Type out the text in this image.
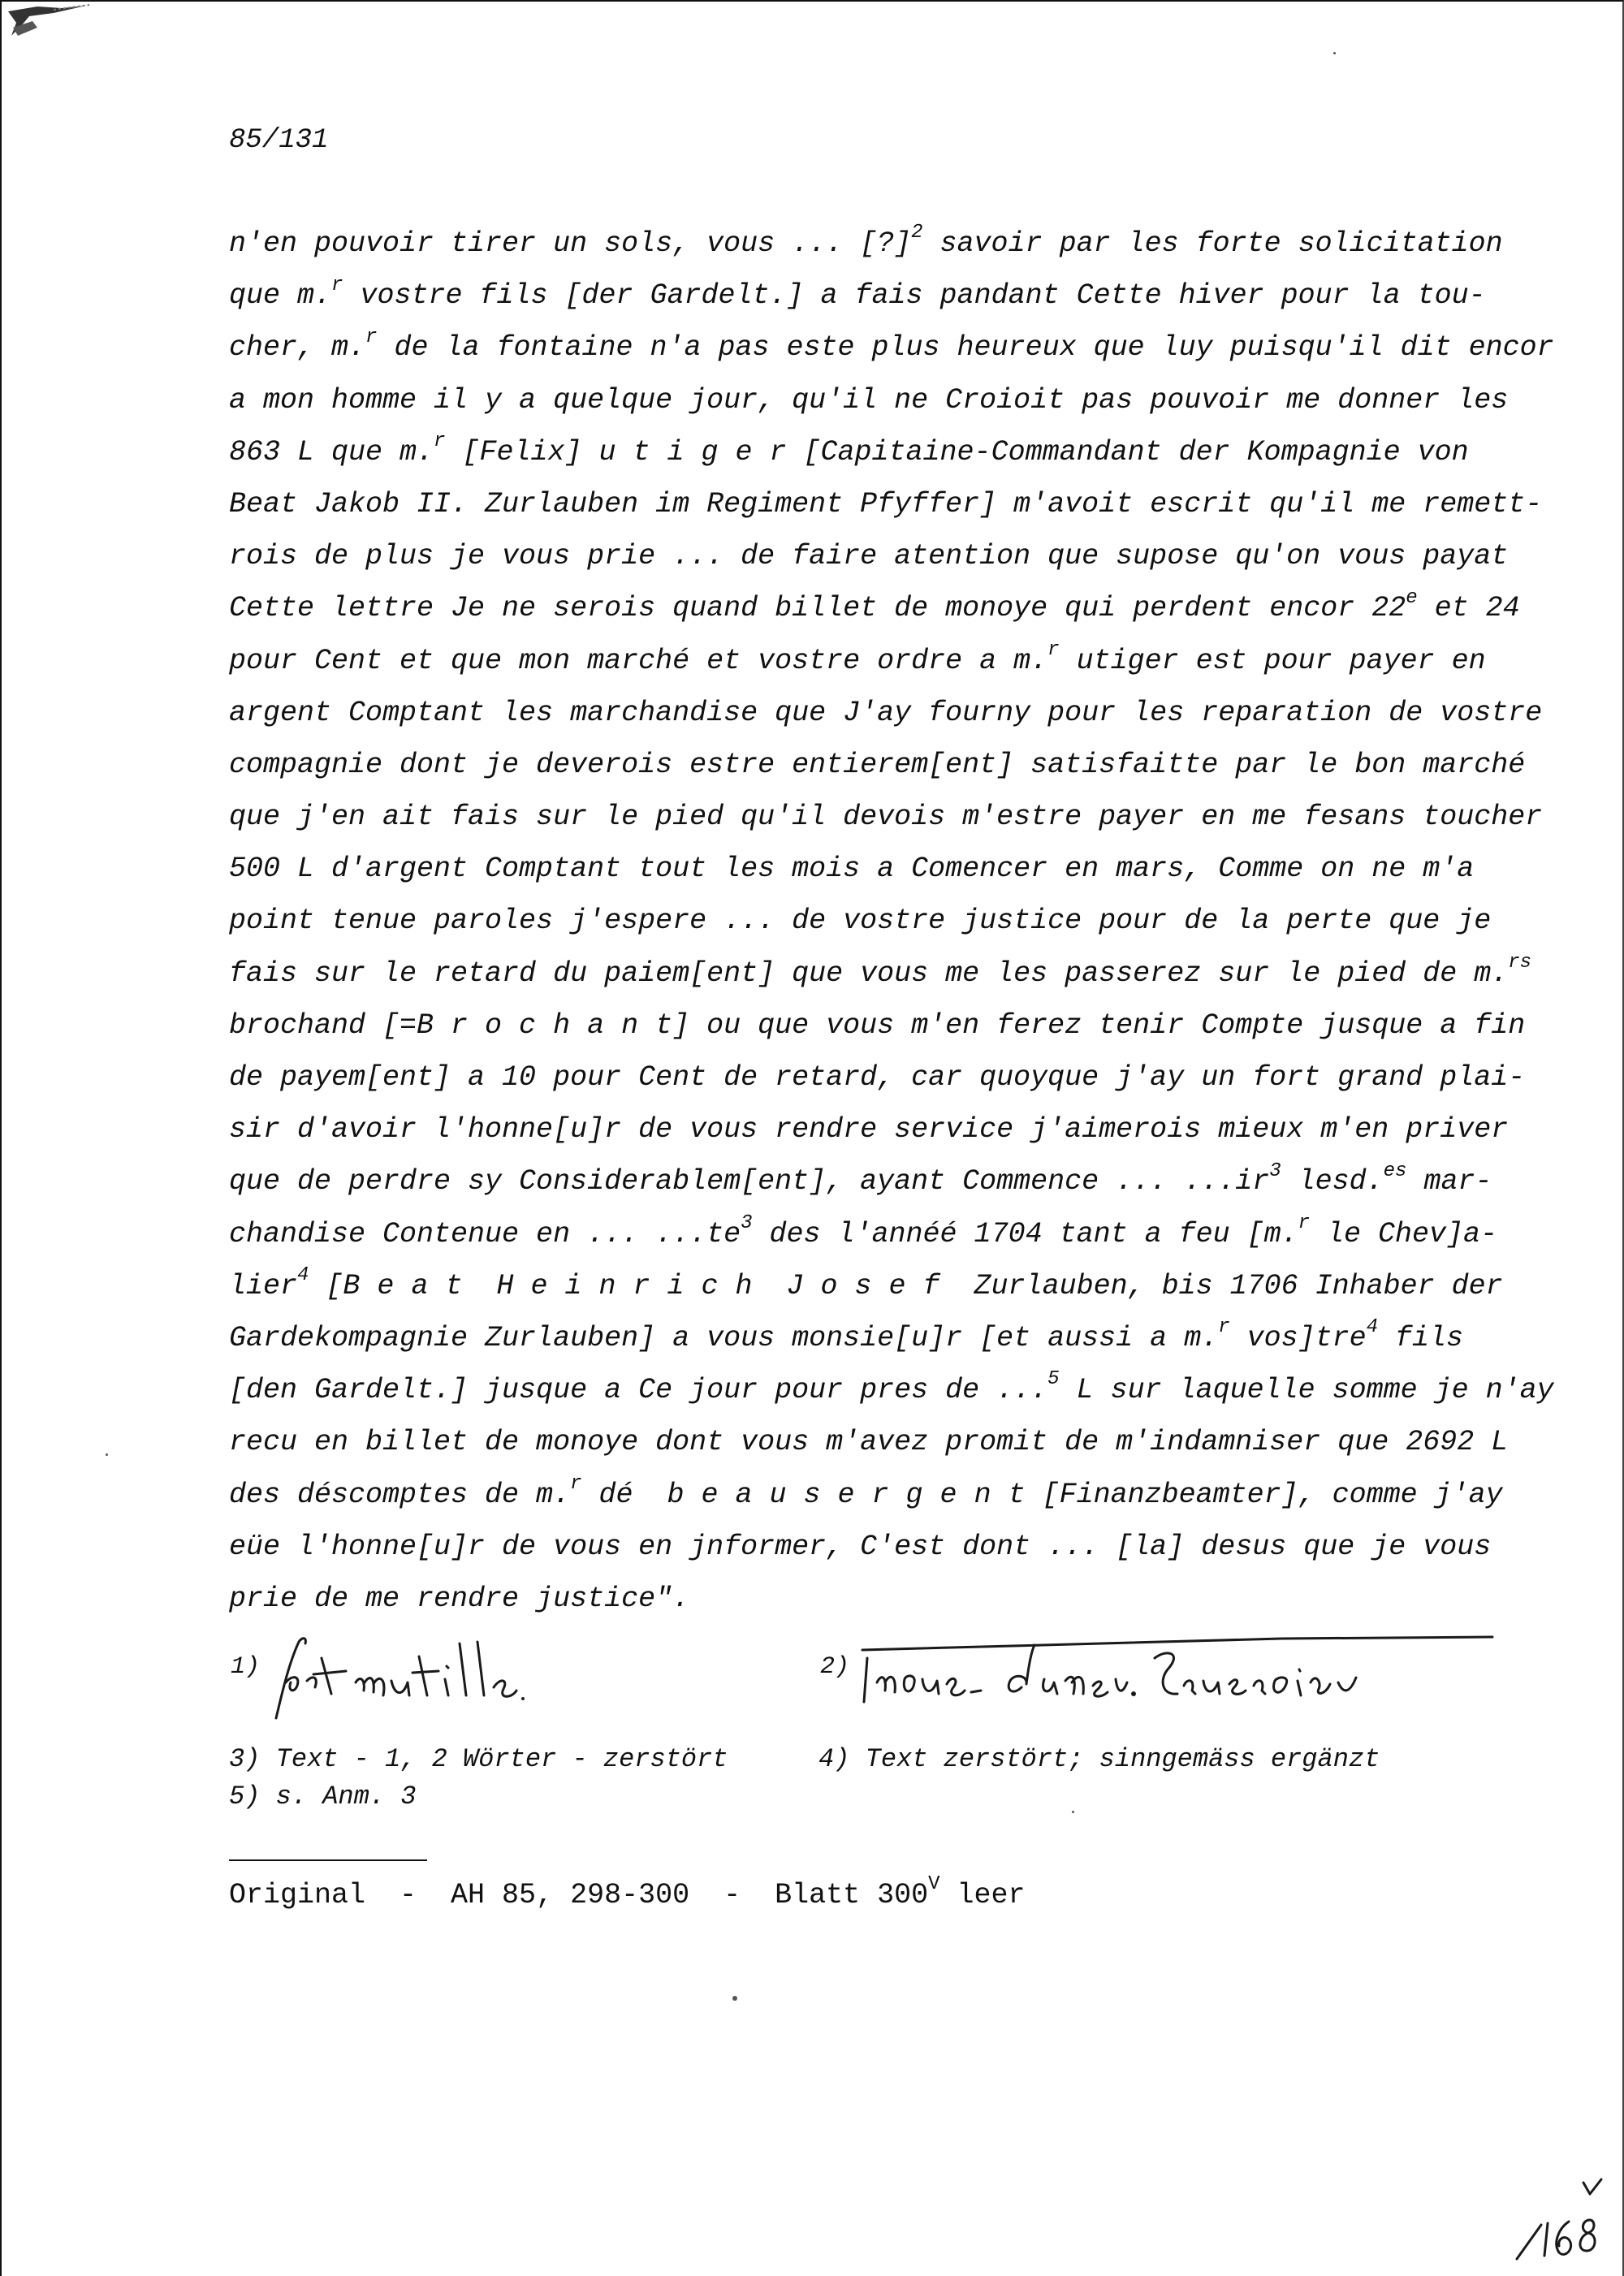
85/131
n'en pouvoir tirer un sols, vous ... [?]$^2$ savoir par les forte solicitation
que m.$^r$ vostre fils [der Gardelt.] a fais pandant Cette hiver pour la tou-
cher, m.$^r$ de la fontaine n'a pas este plus heureux que luy puisqu'il dit encor
a mon homme il y a quelque jour, qu'il ne Croioit pas pouvoir me donner les
863 L que m.$^r$ [Felix] u t i g e r [Capitaine-Commandant der Kompagnie von
Beat Jakob II. Zurlauben im Regiment Pfyffer] m'avoit escrit qu'il me remett-
rois de plus je vous prie ... de faire atention que supose qu'on vous payat
Cette lettre Je ne serois quand billet de monoye qui perdent encor 22e et 24
pour Cent et que mon marché et vostre ordre a m.$^r$ utiger est pour payer en
argent Comptant les marchandise que J'ay fourny pour les reparation de vostre
compagnie dont je deverois estre entierem[ent] satisfaitte par le bon marché
que j'en ait fais sur le pied qu'il devois m'estre payer en me fesans toucher
500 L d'argent Comptant tout les mois a Comencer en mars, Comme on ne m'a
point tenue paroles j'espere ... de vostre justice pour de la perte que je
fais sur le retard du paiem[ent] que vous me les passerez sur le pied de m.$^{rs}$
brochand [=B r o c h a n t] ou que vous m'en ferez tenir Compte jusque a fin
de payem[ent] a 10 pour Cent de retard, car quoyque j'ay un fort grand plai-
sir d'avoir l'honne[u]r de vous rendre service j'aimerois mieux m'en priver
que de perdre sy Considerablem[ent], ayant Commence ... $...ir^3$ lesd.$^{es}$ mar-
chandise Contenue en ... $...te^3$ des l'annéé 1704 tant a feu [m.$^r$ le Chev]a-
lier$^4$ [B e a t  H e i n r i c h  J o s e f  Zurlauben, bis 1706 Inhaber der
Gardekompagnie Zurlauben] a vous monsie[u]r [et aussi a m.$^r$ vos]tre$^4$ fils
[den Gardelt.] jusque a Ce jour pour pres de ...$^5$ L sur laquelle somme je n'ay
recu en billet de monoye dont vous m'avez promit de m'indamniser que 2692 L
des déscomptes de m.$^r$ dé  b e a u s e r g e n t [Finanzbeamter], comme j'ay
eüe l'honne[u]r de vous en jnformer, C'est dont ... [la] desus que je vous
prie de me rendre justice".
1)	2)
3) Text - 1, 2 Wörter - zerstört	4) Text zerstört; sinngemäss ergänzt
5) s. Anm. 3
Original  -  AH 85, 298-300  -  Blatt $300^V$ leer
168
